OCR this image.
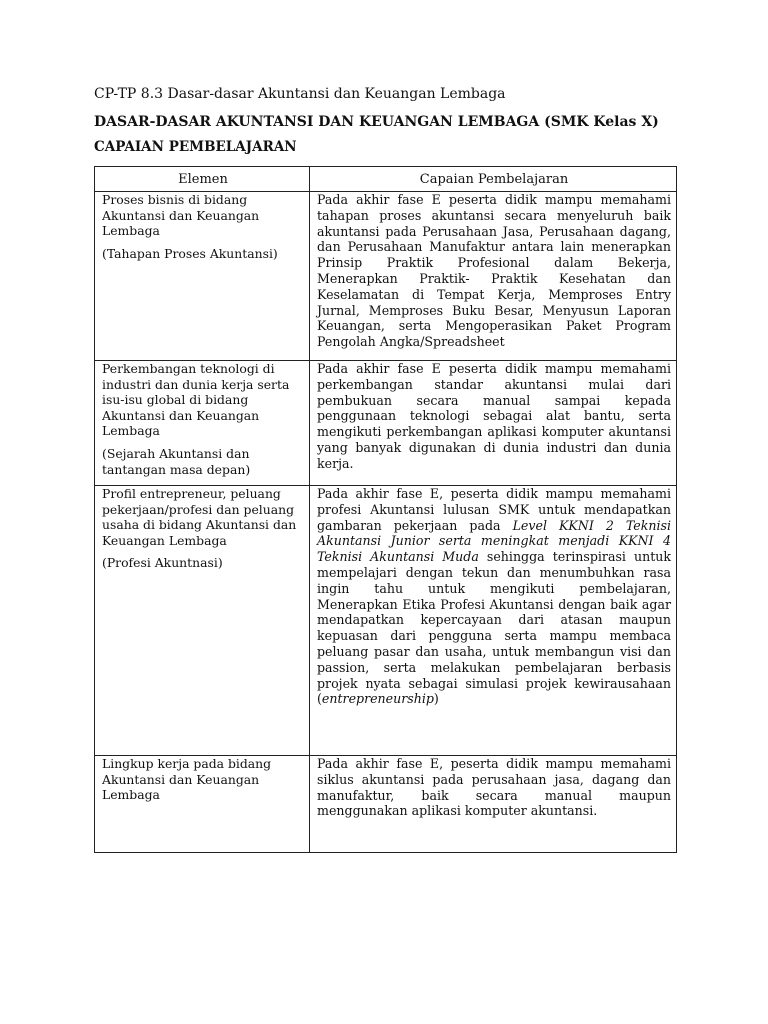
CP-TP 8.3 Dasar-dasar Akuntansi dan Keuangan Lembaga

DASAR-DASAR AKUNTANSI DAN KEUANGAN LEMBAGA (SMK Kelas X)

CAPAIAN PEMBELAJARAN

Elemen	Capaian Pembelajaran

Proses bisnis di bidang Akuntansi dan Keuangan Lembaga

(Tahapan Proses Akuntansi)	Pada akhir fase E peserta didik mampu memahami tahapan proses akuntansi secara menyeluruh baik akuntansi pada Perusahaan Jasa, Perusahaan dagang, dan Perusahaan Manufaktur antara lain menerapkan Prinsip Praktik Profesional dalam Bekerja, Menerapkan Praktik- Praktik Kesehatan dan Keselamatan di Tempat Kerja, Memproses Entry Jurnal, Memproses Buku Besar, Menyusun Laporan Keuangan, serta Mengoperasikan Paket Program Pengolah Angka/Spreadsheet

Perkembangan teknologi di industri dan dunia kerja serta isu-isu global di bidang Akuntansi dan Keuangan Lembaga

(Sejarah Akuntansi dan tantangan masa depan)	Pada akhir fase E peserta didik mampu memahami perkembangan standar akuntansi mulai dari pembukuan secara manual sampai kepada penggunaan teknologi sebagai alat bantu, serta mengikuti perkembangan aplikasi komputer akuntansi yang banyak digunakan di dunia industri dan dunia kerja.

Profil entrepreneur, peluang pekerjaan/profesi dan peluang usaha di bidang Akuntansi dan Keuangan Lembaga

(Profesi Akuntnasi)	Pada akhir fase E, peserta didik mampu memahami profesi Akuntansi lulusan SMK untuk mendapatkan gambaran pekerjaan pada Level KKNI 2 Teknisi Akuntansi Junior serta meningkat menjadi KKNI 4 Teknisi Akuntansi Muda sehingga terinspirasi untuk mempelajari dengan tekun dan menumbuhkan rasa ingin tahu untuk mengikuti pembelajaran, Menerapkan Etika Profesi Akuntansi dengan baik agar mendapatkan kepercayaan dari atasan maupun kepuasan dari pengguna serta mampu membaca peluang pasar dan usaha, untuk membangun visi dan passion, serta melakukan pembelajaran berbasis projek nyata sebagai simulasi projek kewirausahaan (entrepreneurship)

Lingkup kerja pada bidang Akuntansi dan Keuangan Lembaga	Pada akhir fase E, peserta didik mampu memahami siklus akuntansi pada perusahaan jasa, dagang dan manufaktur, baik secara manual maupun menggunakan aplikasi komputer akuntansi.
